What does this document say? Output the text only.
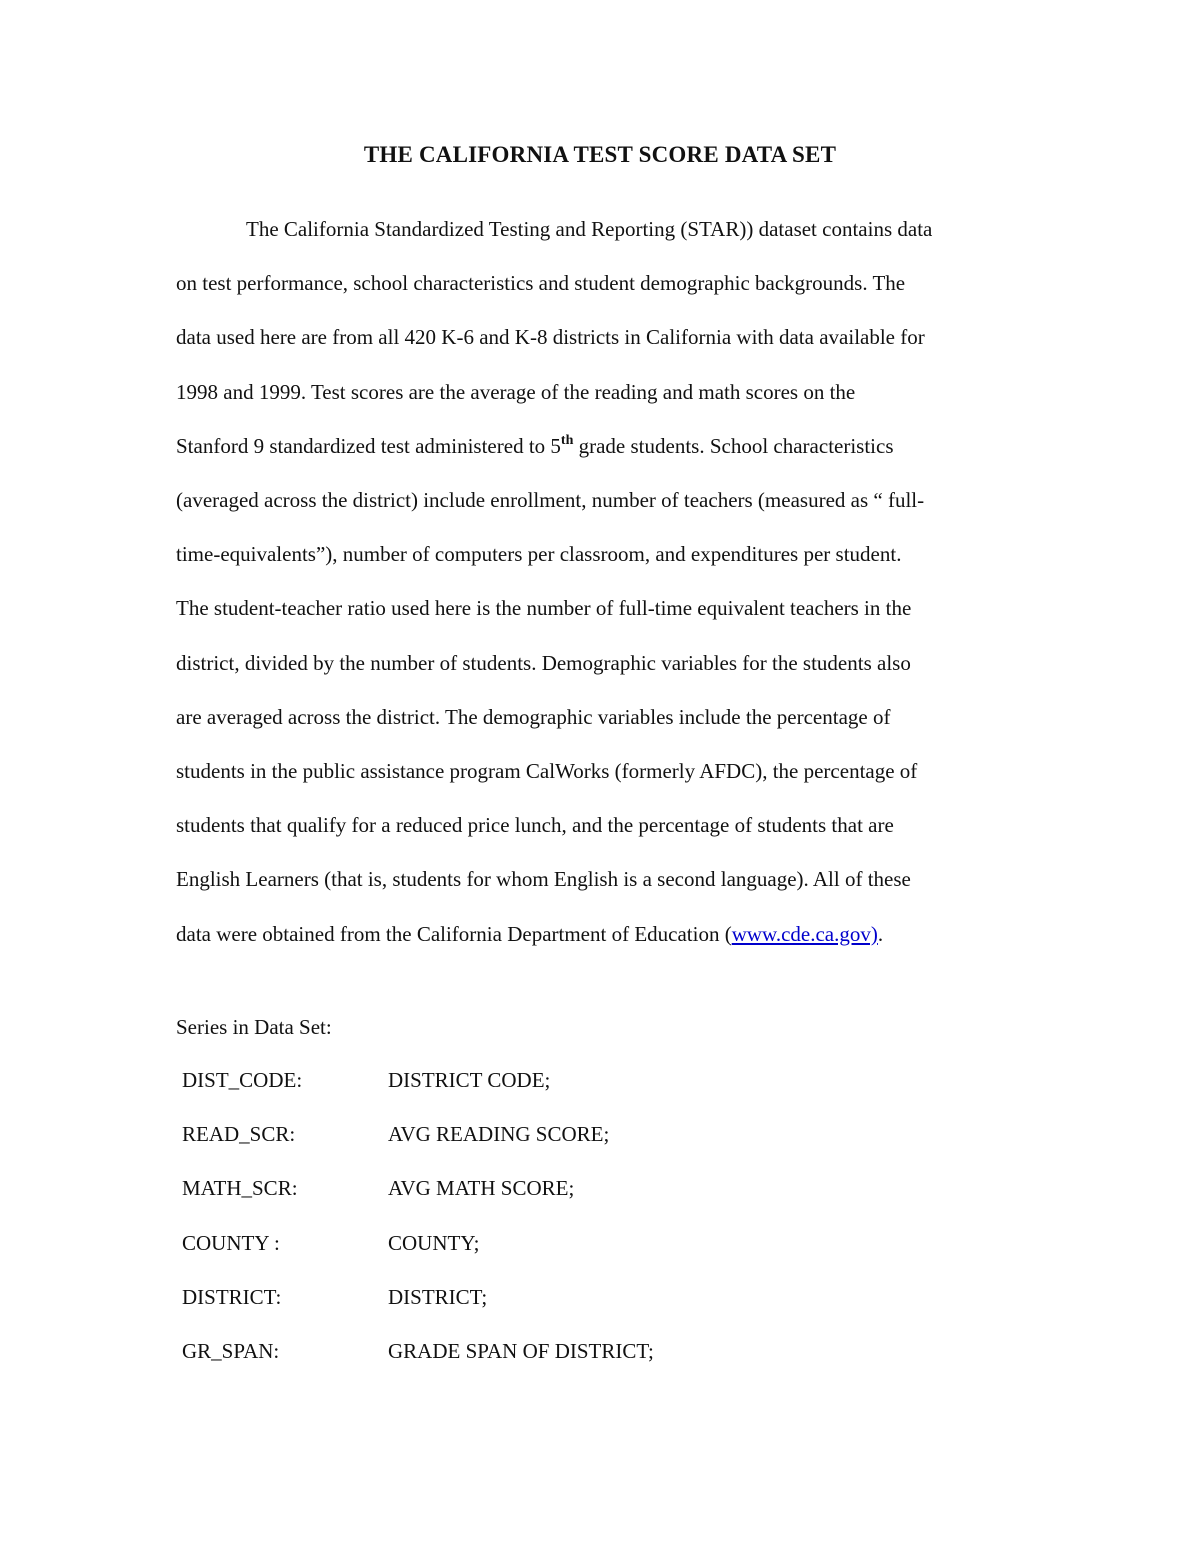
THE CALIFORNIA TEST SCORE DATA SET
The California Standardized Testing and Reporting (STAR)) dataset contains data
on test performance, school characteristics and student demographic backgrounds. The
data used here are from all 420 K-6 and K-8 districts in California with data available for
1998 and 1999. Test scores are the average of the reading and math scores on the
Stanford 9 standardized test administered to 5th grade students. School characteristics
(averaged across the district) include enrollment, number of teachers (measured as “ full-
time-equivalents”), number of computers per classroom, and expenditures per student.
The student-teacher ratio used here is the number of full-time equivalent teachers in the
district, divided by the number of students. Demographic variables for the students also
are averaged across the district. The demographic variables include the percentage of
students in the public assistance program CalWorks (formerly AFDC), the percentage of
students that qualify for a reduced price lunch, and the percentage of students that are
English Learners (that is, students for whom English is a second language). All of these
data were obtained from the California Department of Education (www.cde.ca.gov).
Series in Data Set:
DIST_CODE:	DISTRICT CODE;
READ_SCR:	AVG READING SCORE;
MATH_SCR:	AVG MATH SCORE;
COUNTY :	COUNTY;
DISTRICT:	DISTRICT;
GR_SPAN:	GRADE SPAN OF DISTRICT;
